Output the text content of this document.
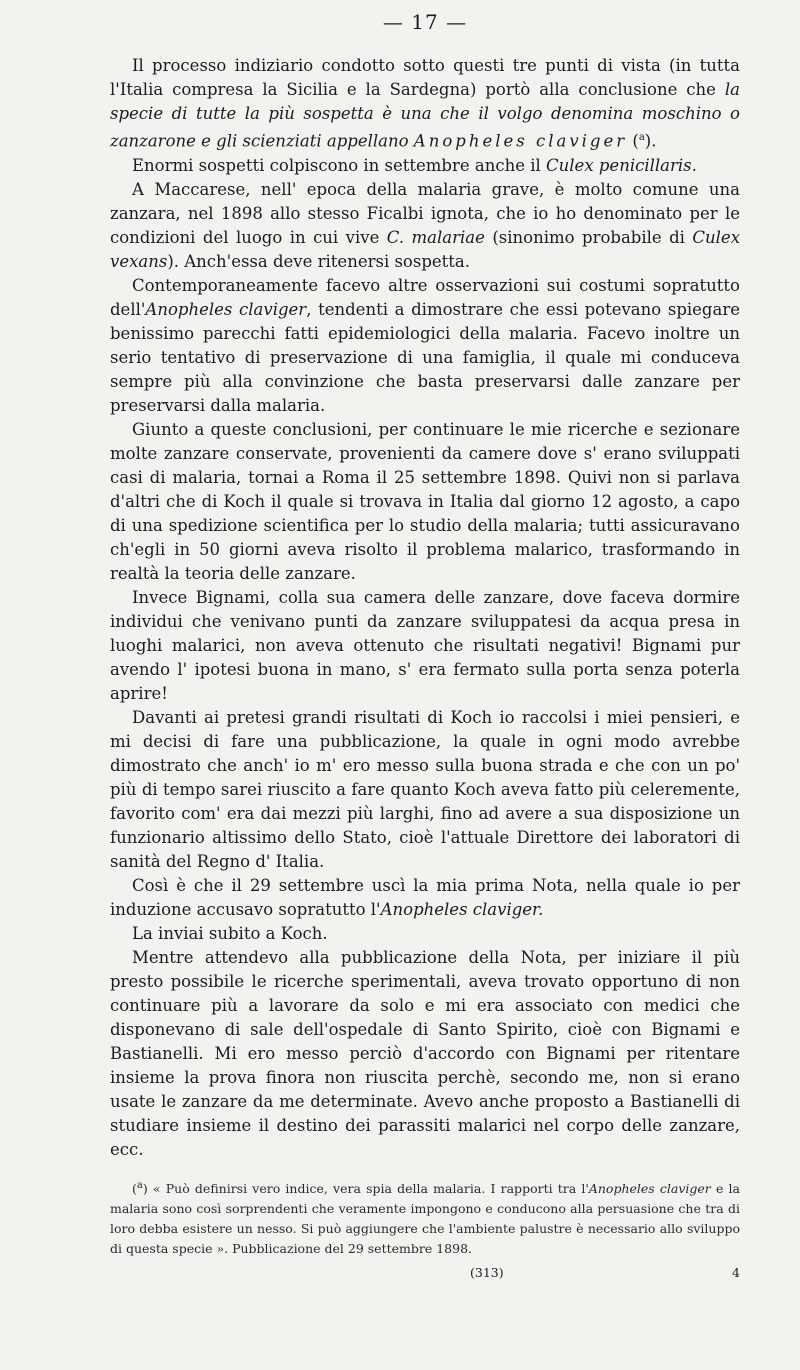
— 17 —

Il processo indiziario condotto sotto questi tre punti di vista (in tutta l'Italia compresa la Sicilia e la Sardegna) portò alla conclusione che la specie di tutte la più sospetta è una che il volgo denomina moschino o zanzarone e gli scienziati appellano Anopheles claviger ($^a$).

Enormi sospetti colpiscono in settembre anche il Culex penicillaris.

A Maccarese, nell' epoca della malaria grave, è molto comune una zanzara, nel 1898 allo stesso Ficalbi ignota, che io ho denominato per le condizioni del luogo in cui vive C. malariae (sinonimo probabile di Culex vexans). Anch'essa deve ritenersi sospetta.

Contemporaneamente facevo altre osservazioni sui costumi sopratutto dell'Anopheles claviger, tendenti a dimostrare che essi potevano spiegare benissimo parecchi fatti epidemiologici della malaria. Facevo inoltre un serio tentativo di preservazione di una famiglia, il quale mi conduceva sempre più alla convinzione che basta preservarsi dalle zanzare per preservarsi dalla malaria.

Giunto a queste conclusioni, per continuare le mie ricerche e sezionare molte zanzare conservate, provenienti da camere dove s' erano sviluppati casi di malaria, tornai a Roma il 25 settembre 1898. Quivi non si parlava d'altri che di Koch il quale si trovava in Italia dal giorno 12 agosto, a capo di una spedizione scientifica per lo studio della malaria; tutti assicuravano ch'egli in 50 giorni aveva risolto il problema malarico, trasformando in realtà la teoria delle zanzare.

Invece Bignami, colla sua camera delle zanzare, dove faceva dormire individui che venivano punti da zanzare sviluppatesi da acqua presa in luoghi malarici, non aveva ottenuto che risultati negativi! Bignami pur avendo l' ipotesi buona in mano, s' era fermato sulla porta senza poterla aprire!

Davanti ai pretesi grandi risultati di Koch io raccolsi i miei pensieri, e mi decisi di fare una pubblicazione, la quale in ogni modo avrebbe dimostrato che anch' io m' ero messo sulla buona strada e che con un po' più di tempo sarei riuscito a fare quanto Koch aveva fatto più celeremente, favorito com' era dai mezzi più larghi, fino ad avere a sua disposizione un funzionario altissimo dello Stato, cioè l'attuale Direttore dei laboratori di sanità del Regno d' Italia.

Così è che il 29 settembre uscì la mia prima Nota, nella quale io per induzione accusavo sopratutto l'Anopheles claviger.

La inviai subito a Koch.

Mentre attendevo alla pubblicazione della Nota, per iniziare il più presto possibile le ricerche sperimentali, aveva trovato opportuno di non continuare più a lavorare da solo e mi era associato con medici che disponevano di sale dell'ospedale di Santo Spirito, cioè con Bignami e Bastianelli. Mi ero messo perciò d'accordo con Bignami per ritentare insieme la prova finora non riuscita perchè, secondo me, non si erano usate le zanzare da me determinate. Avevo anche proposto a Bastianelli di studiare insieme il destino dei parassiti malarici nel corpo delle zanzare, ecc.

($^a$) « Può definirsi vero indice, vera spia della malaria. I rapporti tra l'Anopheles claviger e la malaria sono così sorprendenti che veramente impongono e conducono alla persuasione che tra di loro debba esistere un nesso. Si può aggiungere che l'ambiente palustre è necessario allo sviluppo di questa specie ». Pubblicazione del 29 settembre 1898.
(313)	4
